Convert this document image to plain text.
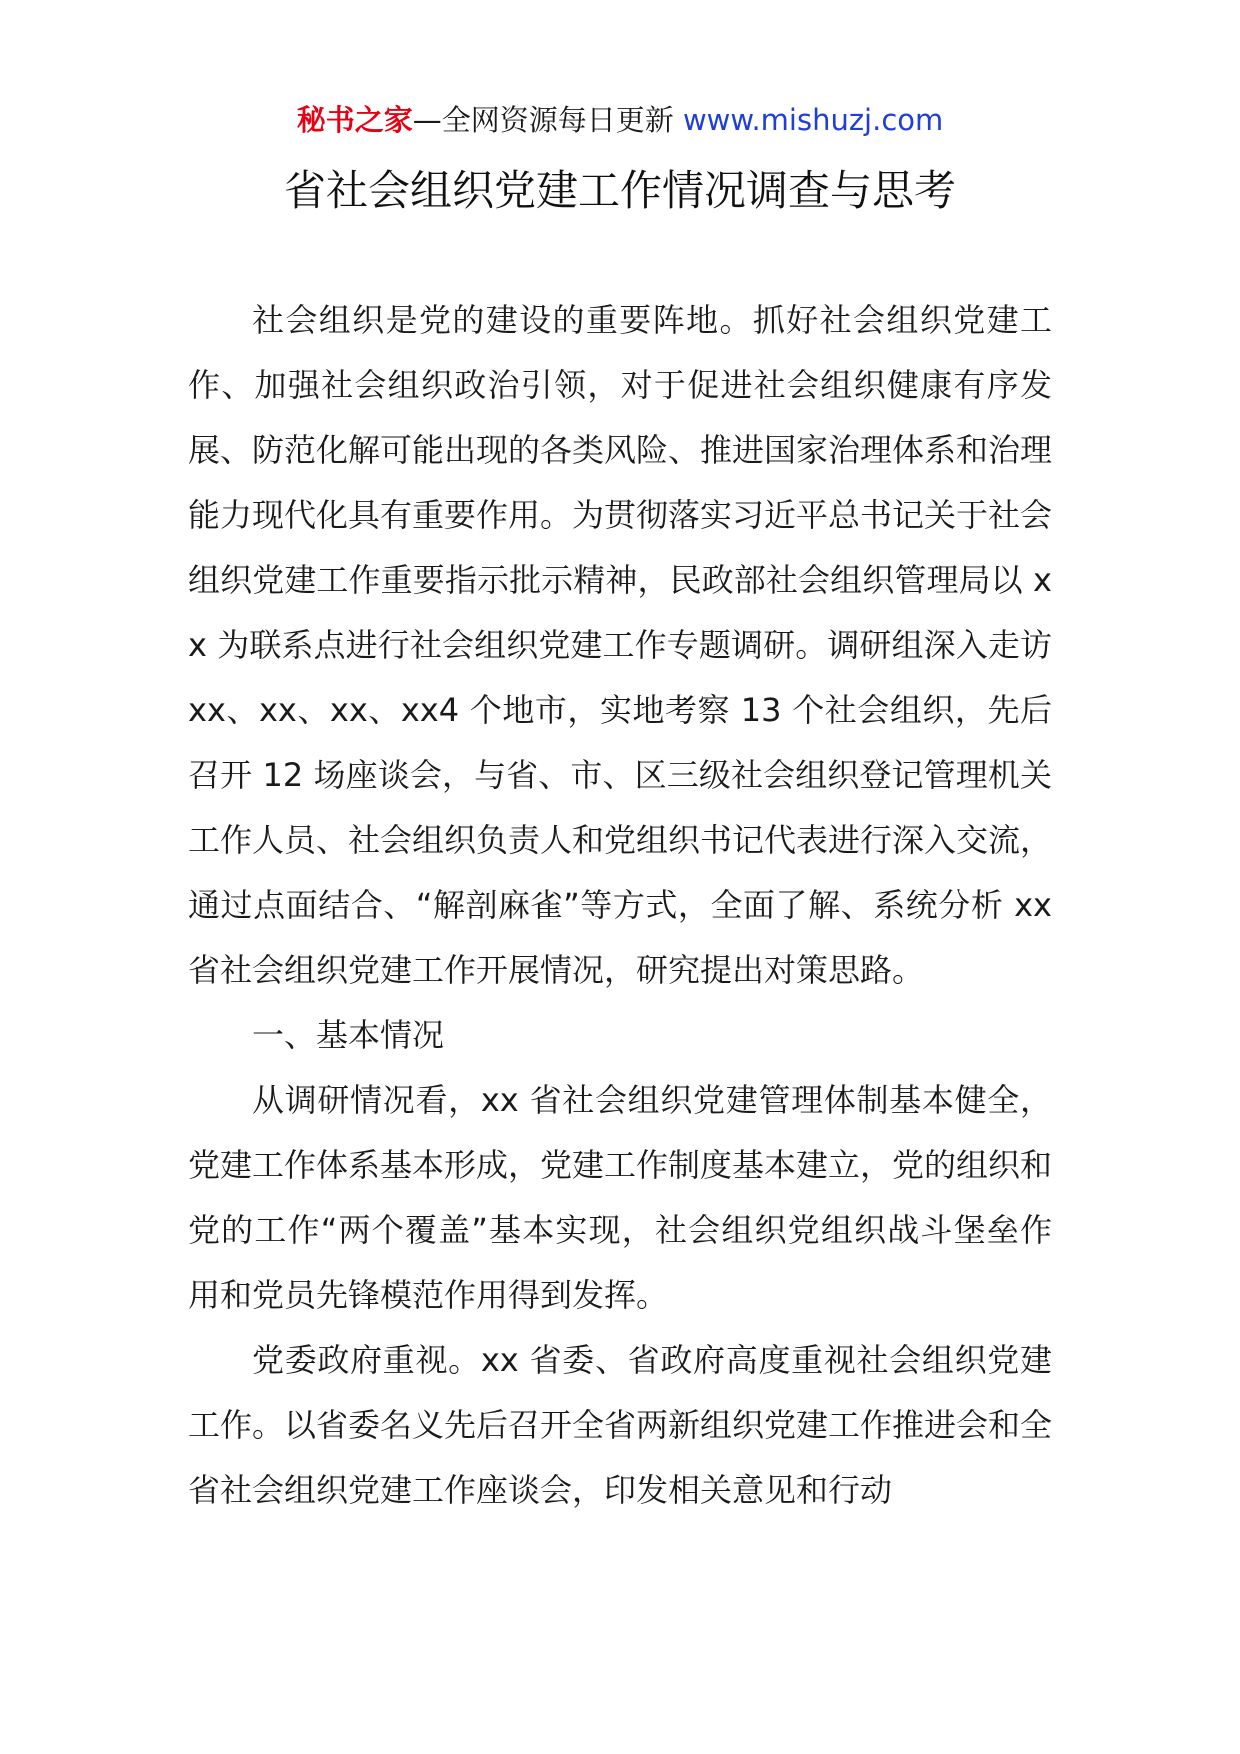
秘书之家—全网资源每日更新 www.mishuzj.com
省社会组织党建工作情况调查与思考

社会组织是党的建设的重要阵地。抓好社会组织党建工作、加强社会组织政治引领，对于促进社会组织健康有序发展、防范化解可能出现的各类风险、推进国家治理体系和治理能力现代化具有重要作用。为贯彻落实习近平总书记关于社会组织党建工作重要指示批示精神，民政部社会组织管理局以 xx 为联系点进行社会组织党建工作专题调研。调研组深入走访 xx、xx、xx、xx4 个地市，实地考察 13 个社会组织，先后召开 12 场座谈会，与省、市、区三级社会组织登记管理机关工作人员、社会组织负责人和党组织书记代表进行深入交流，通过点面结合、“解剖麻雀”等方式，全面了解、系统分析 xx 省社会组织党建工作开展情况，研究提出对策思路。

一、基本情况

从调研情况看，xx 省社会组织党建管理体制基本健全，党建工作体系基本形成，党建工作制度基本建立，党的组织和党的工作“两个覆盖”基本实现，社会组织党组织战斗堡垒作用和党员先锋模范作用得到发挥。

党委政府重视。xx 省委、省政府高度重视社会组织党建工作。以省委名义先后召开全省两新组织党建工作推进会和全省社会组织党建工作座谈会，印发相关意见和行动
